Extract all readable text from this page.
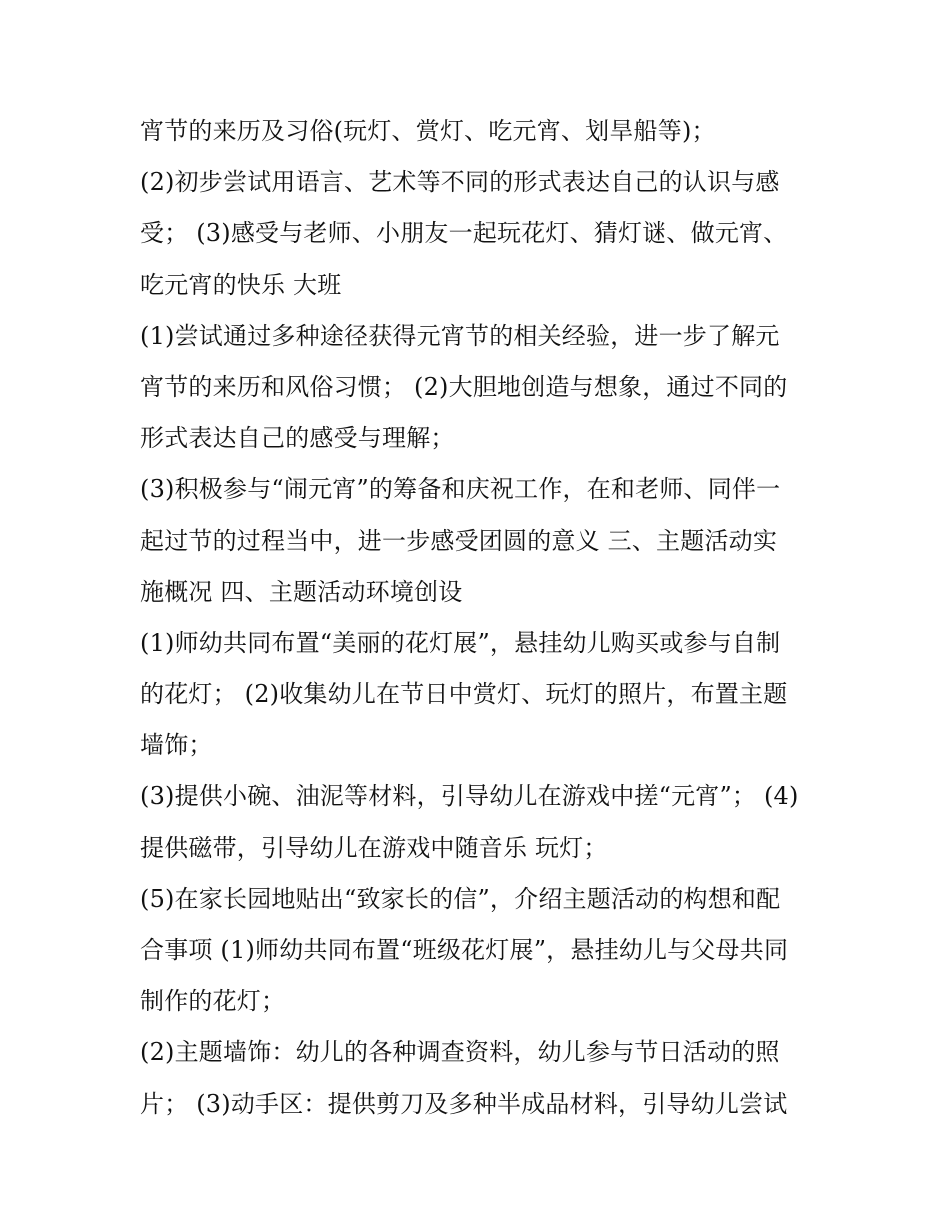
宵节的来历及习俗(玩灯、赏灯、吃元宵、划旱船等)；
(2)初步尝试用语言、艺术等不同的形式表达自己的认识与感
受； (3)感受与老师、小朋友一起玩花灯、猜灯谜、做元宵、
吃元宵的快乐 大班
(1)尝试通过多种途径获得元宵节的相关经验，进一步了解元
宵节的来历和风俗习惯； (2)大胆地创造与想象，通过不同的
形式表达自己的感受与理解；
(3)积极参与“闹元宵”的筹备和庆祝工作，在和老师、同伴一
起过节的过程当中，进一步感受团圆的意义 三、主题活动实
施概况 四、主题活动环境创设
(1)师幼共同布置“美丽的花灯展”，悬挂幼儿购买或参与自制
的花灯； (2)收集幼儿在节日中赏灯、玩灯的照片，布置主题
墙饰；
(3)提供小碗、油泥等材料，引导幼儿在游戏中搓“元宵”； (4)
提供磁带，引导幼儿在游戏中随音乐 玩灯；
(5)在家长园地贴出“致家长的信”，介绍主题活动的构想和配
合事项 (1)师幼共同布置“班级花灯展”，悬挂幼儿与父母共同
制作的花灯；
(2)主题墙饰：幼儿的各种调查资料，幼儿参与节日活动的照
片； (3)动手区：提供剪刀及多种半成品材料，引导幼儿尝试
